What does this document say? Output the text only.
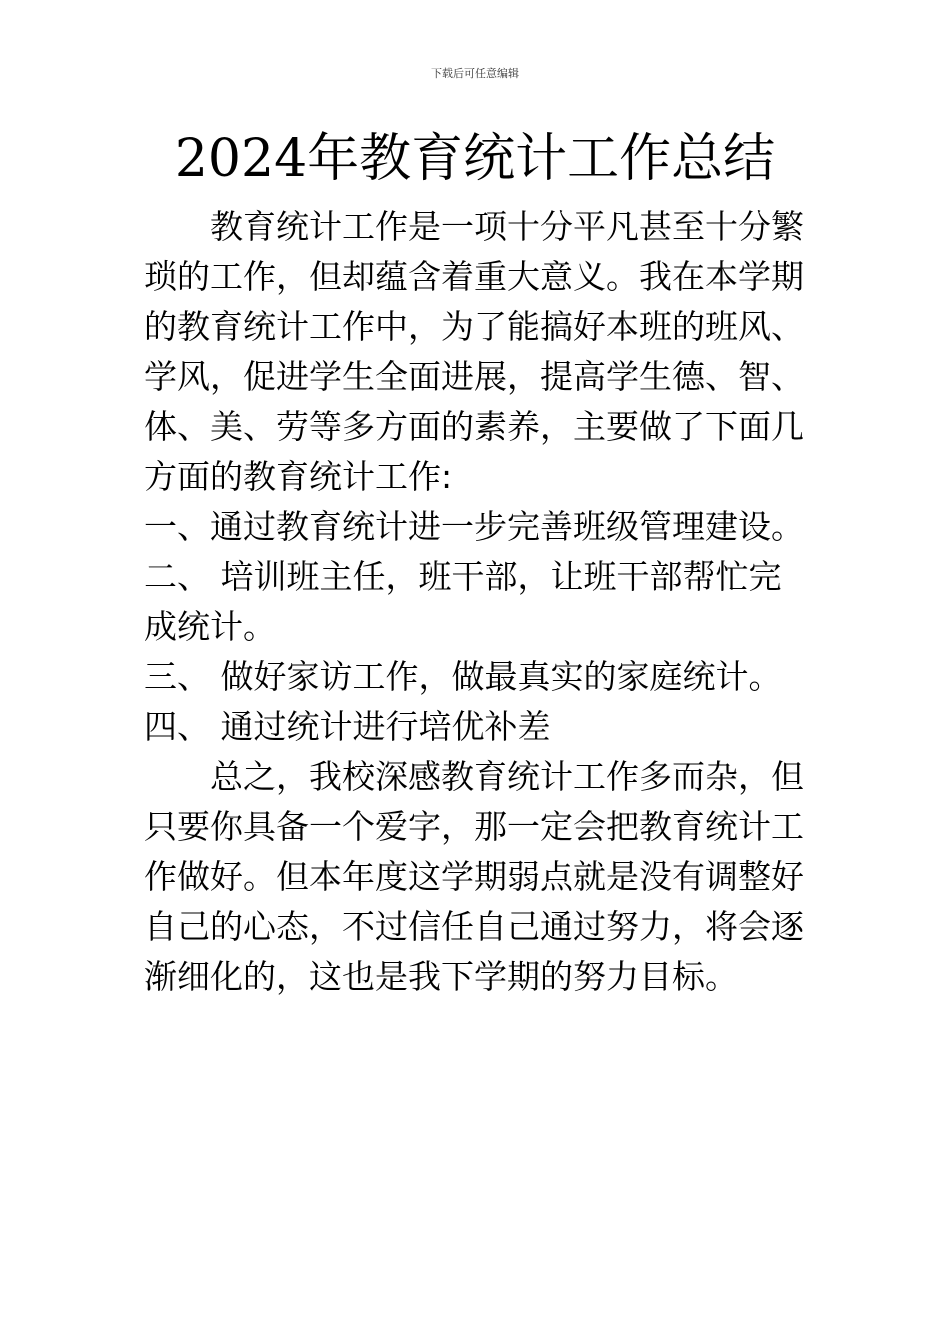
下载后可任意编辑
2024年教育统计工作总结

教育统计工作是一项十分平凡甚至十分繁琐的工作，但却蕴含着重大意义。我在本学期的教育统计工作中，为了能搞好本班的班风、学风，促进学生全面进展，提高学生德、智、体、美、劳等多方面的素养，主要做了下面几方面的教育统计工作:

一、通过教育统计进一步完善班级管理建设。

二、 培训班主任，班干部，让班干部帮忙完成统计。

三、 做好家访工作，做最真实的家庭统计。

四、 通过统计进行培优补差

总之，我校深感教育统计工作多而杂，但只要你具备一个爱字，那一定会把教育统计工作做好。但本年度这学期弱点就是没有调整好自己的心态，不过信任自己通过努力，将会逐渐细化的，这也是我下学期的努力目标。
